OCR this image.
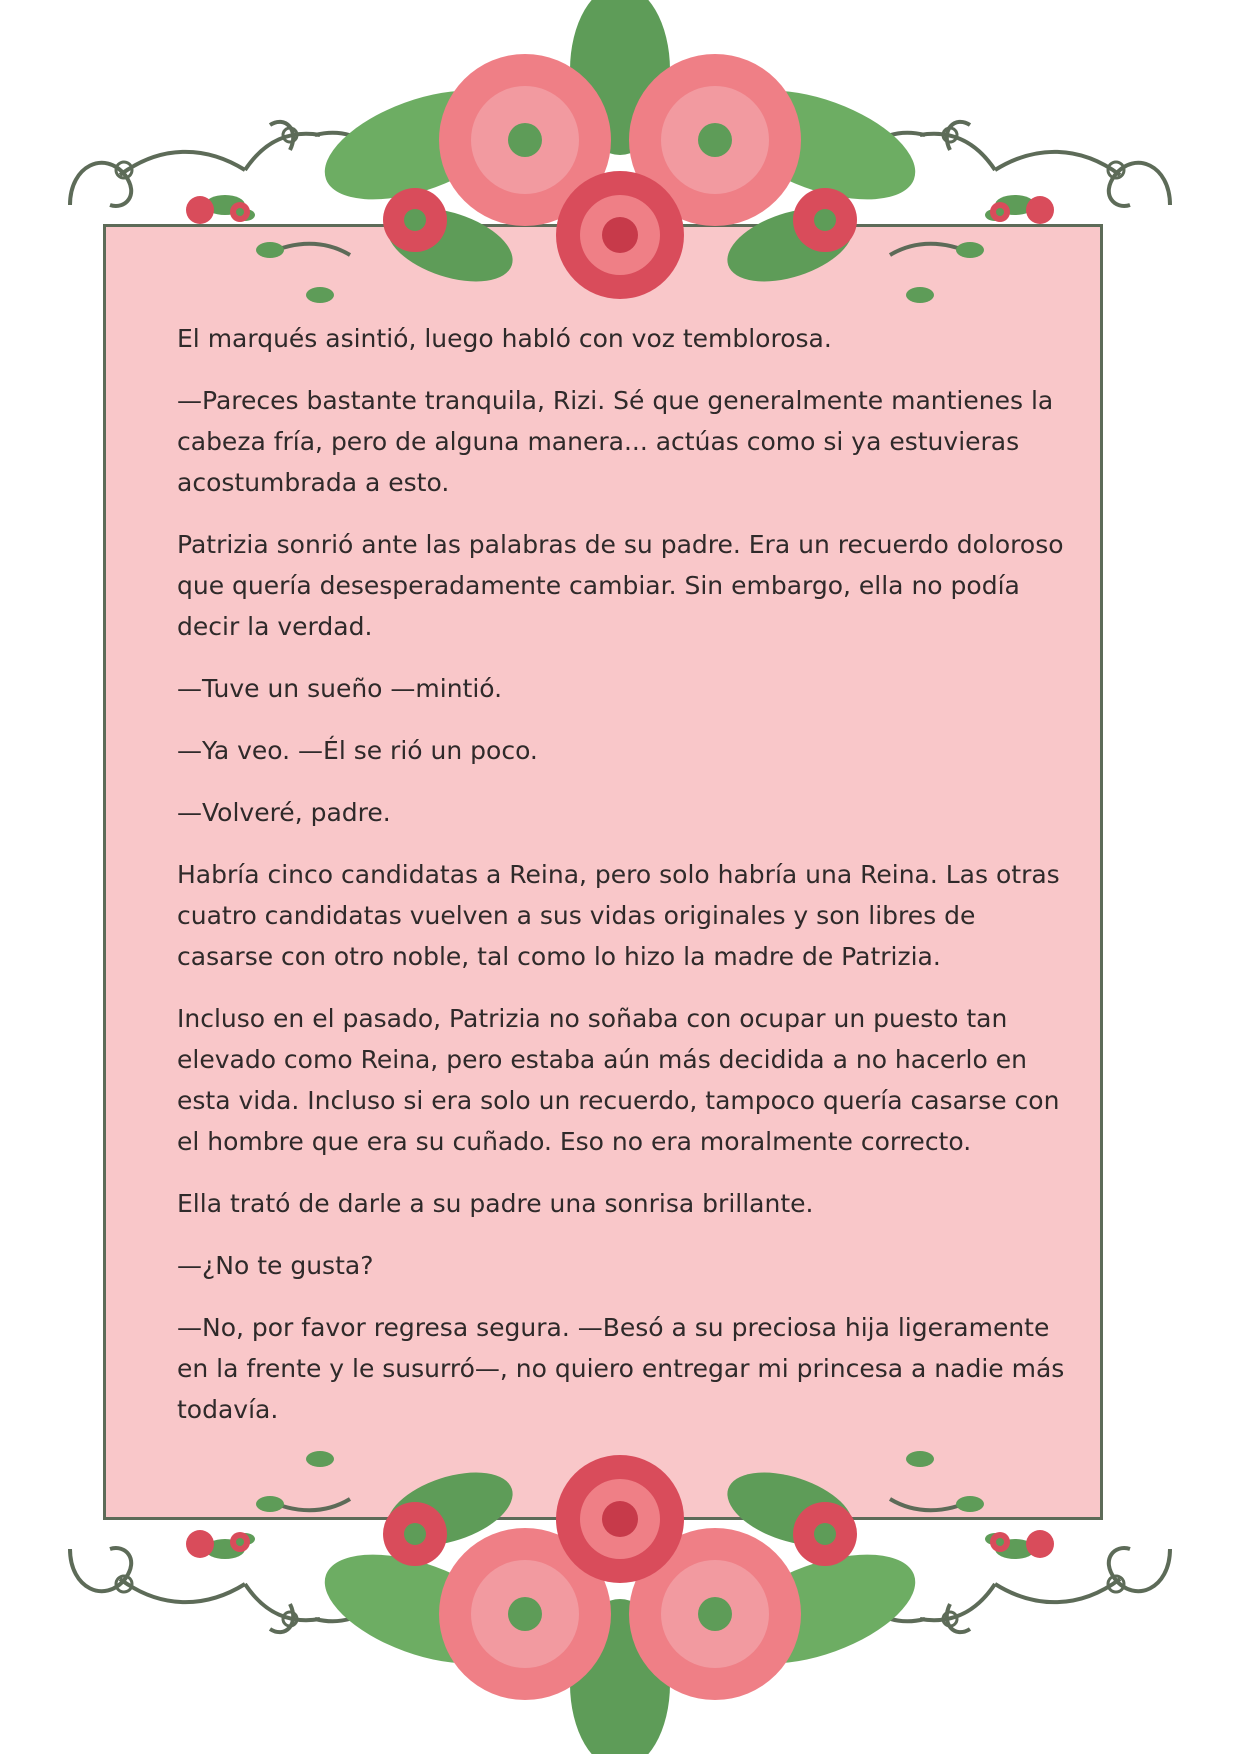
El marqués asintió, luego habló con voz temblorosa.

—Pareces bastante tranquila, Rizi. Sé que generalmente mantienes la cabeza fría, pero de alguna manera... actúas como si ya estuvieras acostumbrada a esto.

Patrizia sonrió ante las palabras de su padre. Era un recuerdo doloroso que quería desesperadamente cambiar. Sin embargo, ella no podía decir la verdad.

—Tuve un sueño —mintió.

—Ya veo. —Él se rió un poco.

—Volveré, padre.

Habría cinco candidatas a Reina, pero solo habría una Reina. Las otras cuatro candidatas vuelven a sus vidas originales y son libres de casarse con otro noble, tal como lo hizo la madre de Patrizia.

Incluso en el pasado, Patrizia no soñaba con ocupar un puesto tan elevado como Reina, pero estaba aún más decidida a no hacerlo en esta vida. Incluso si era solo un recuerdo, tampoco quería casarse con el hombre que era su cuñado. Eso no era moralmente correcto.

Ella trató de darle a su padre una sonrisa brillante.

—¿No te gusta?

—No, por favor regresa segura. —Besó a su preciosa hija ligeramente en la frente y le susurró—, no quiero entregar mi princesa a nadie más todavía.
